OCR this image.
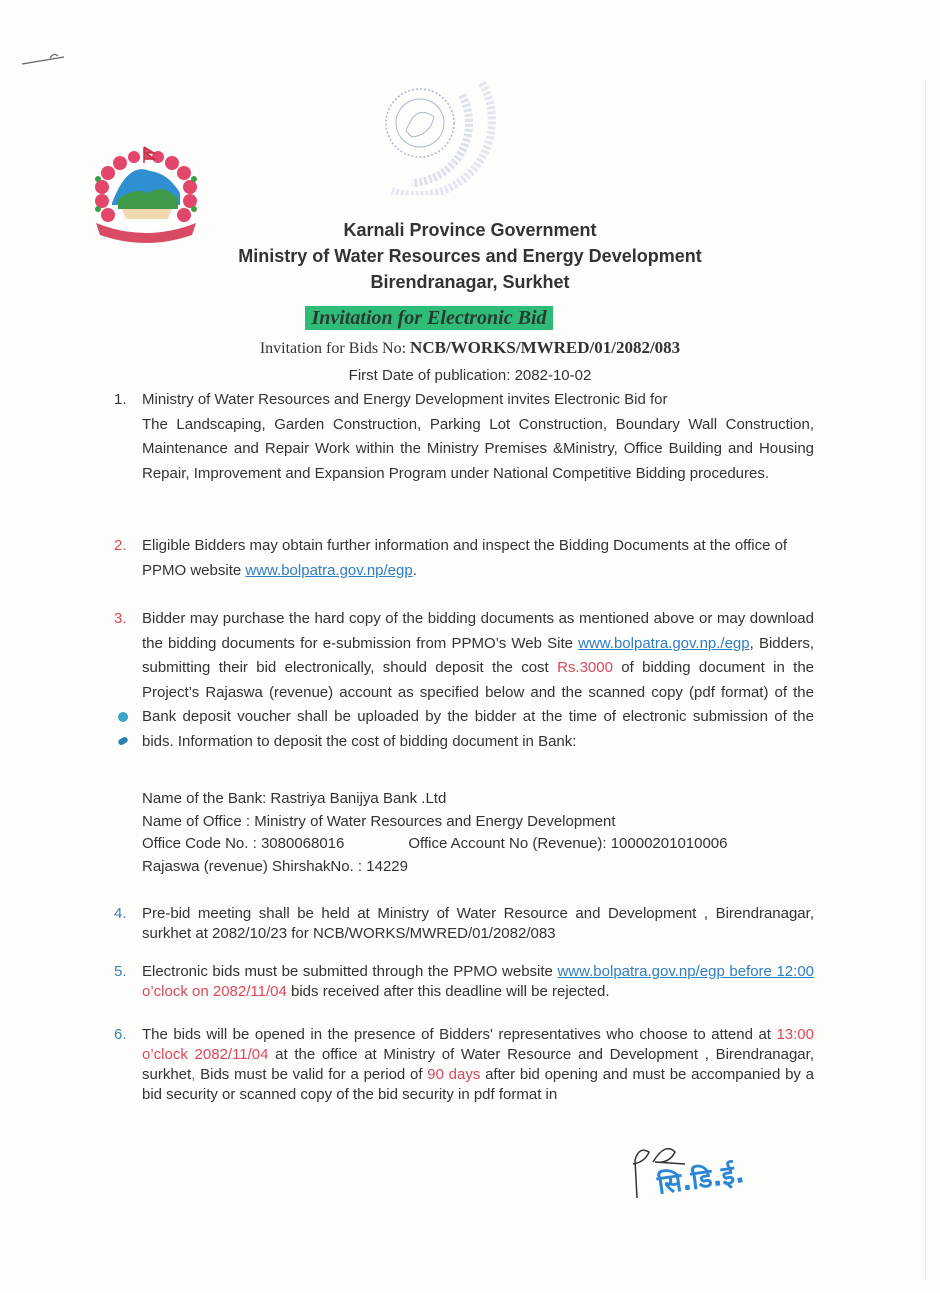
Karnali Province Government
Ministry of Water Resources and Energy Development
Birendranagar, Surkhet
Invitation for Electronic Bid
Invitation for Bids No: NCB/WORKS/MWRED/01/2082/083
First Date of publication: 2082-10-02
1.	Ministry of Water Resources and Energy Development invites Electronic Bid for
The Landscaping, Garden Construction, Parking Lot Construction, Boundary Wall Construction, Maintenance and Repair Work within the Ministry Premises &Ministry, Office Building and Housing Repair, Improvement and Expansion Program under National Competitive Bidding procedures.
2.	Eligible Bidders may obtain further information and inspect the Bidding Documents at the office of PPMO website www.bolpatra.gov.np/egp.
3.	Bidder may purchase the hard copy of the bidding documents as mentioned above or may download the bidding documents for e-submission from PPMO’s Web Site www.bolpatra.gov.np./egp, Bidders, submitting their bid electronically, should deposit the cost Rs.3000 of bidding document in the Project’s Rajaswa (revenue) account as specified below and the scanned copy (pdf format) of the Bank deposit voucher shall be uploaded by the bidder at the time of electronic submission of the bids. Information to deposit the cost of bidding document in Bank:
Name of the Bank: Rastriya Banijya Bank .Ltd
Name of Office : Ministry of Water Resources and Energy Development
Office Code No. : 3080068016	Office Account No (Revenue): 10000201010006
Rajaswa (revenue) ShirshakNo. : 14229
4.	Pre-bid meeting shall be held at Ministry of Water Resource and Development , Birendranagar, surkhet at 2082/10/23 for NCB/WORKS/MWRED/01/2082/083
5.	Electronic bids must be submitted through the PPMO website www.bolpatra.gov.np/egp before 12:00 o’clock on 2082/11/04 bids received after this deadline will be rejected.
6.	The bids will be opened in the presence of Bidders' representatives who choose to attend at 13:00 o’clock 2082/11/04 at the office at Ministry of Water Resource and Development , Birendranagar, surkhet, Bids must be valid for a period of 90 days after bid opening and must be accompanied by a bid security or scanned copy of the bid security in pdf format in
सि.डि.ई.
